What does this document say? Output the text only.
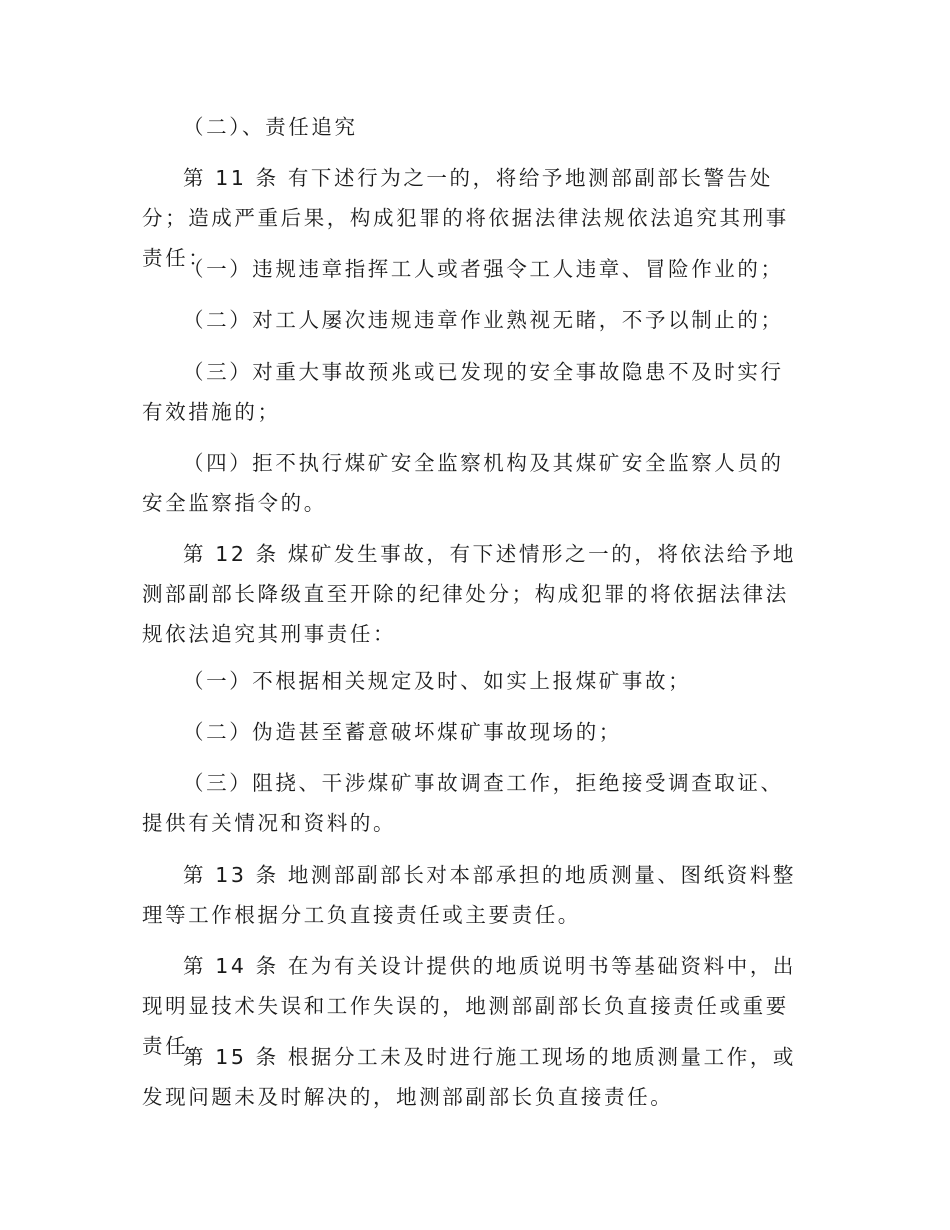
（二）、责任追究

第 11 条 有下述行为之一的，将给予地测部副部长警告处分；造成严重后果，构成犯罪的将依据法律法规依法追究其刑事责任：

（一）违规违章指挥工人或者强令工人违章、冒险作业的；

（二）对工人屡次违规违章作业熟视无睹，不予以制止的；

（三）对重大事故预兆或已发现的安全事故隐患不及时实行有效措施的；

（四）拒不执行煤矿安全监察机构及其煤矿安全监察人员的安全监察指令的。

第 12 条 煤矿发生事故，有下述情形之一的，将依法给予地测部副部长降级直至开除的纪律处分；构成犯罪的将依据法律法规依法追究其刑事责任：

（一）不根据相关规定及时、如实上报煤矿事故；

（二）伪造甚至蓄意破坏煤矿事故现场的；

（三）阻挠、干涉煤矿事故调查工作，拒绝接受调查取证、提供有关情况和资料的。

第 13 条 地测部副部长对本部承担的地质测量、图纸资料整理等工作根据分工负直接责任或主要责任。

第 14 条 在为有关设计提供的地质说明书等基础资料中，出现明显技术失误和工作失误的，地测部副部长负直接责任或重要责任。

第 15 条 根据分工未及时进行施工现场的地质测量工作，或发现问题未及时解决的，地测部副部长负直接责任。
